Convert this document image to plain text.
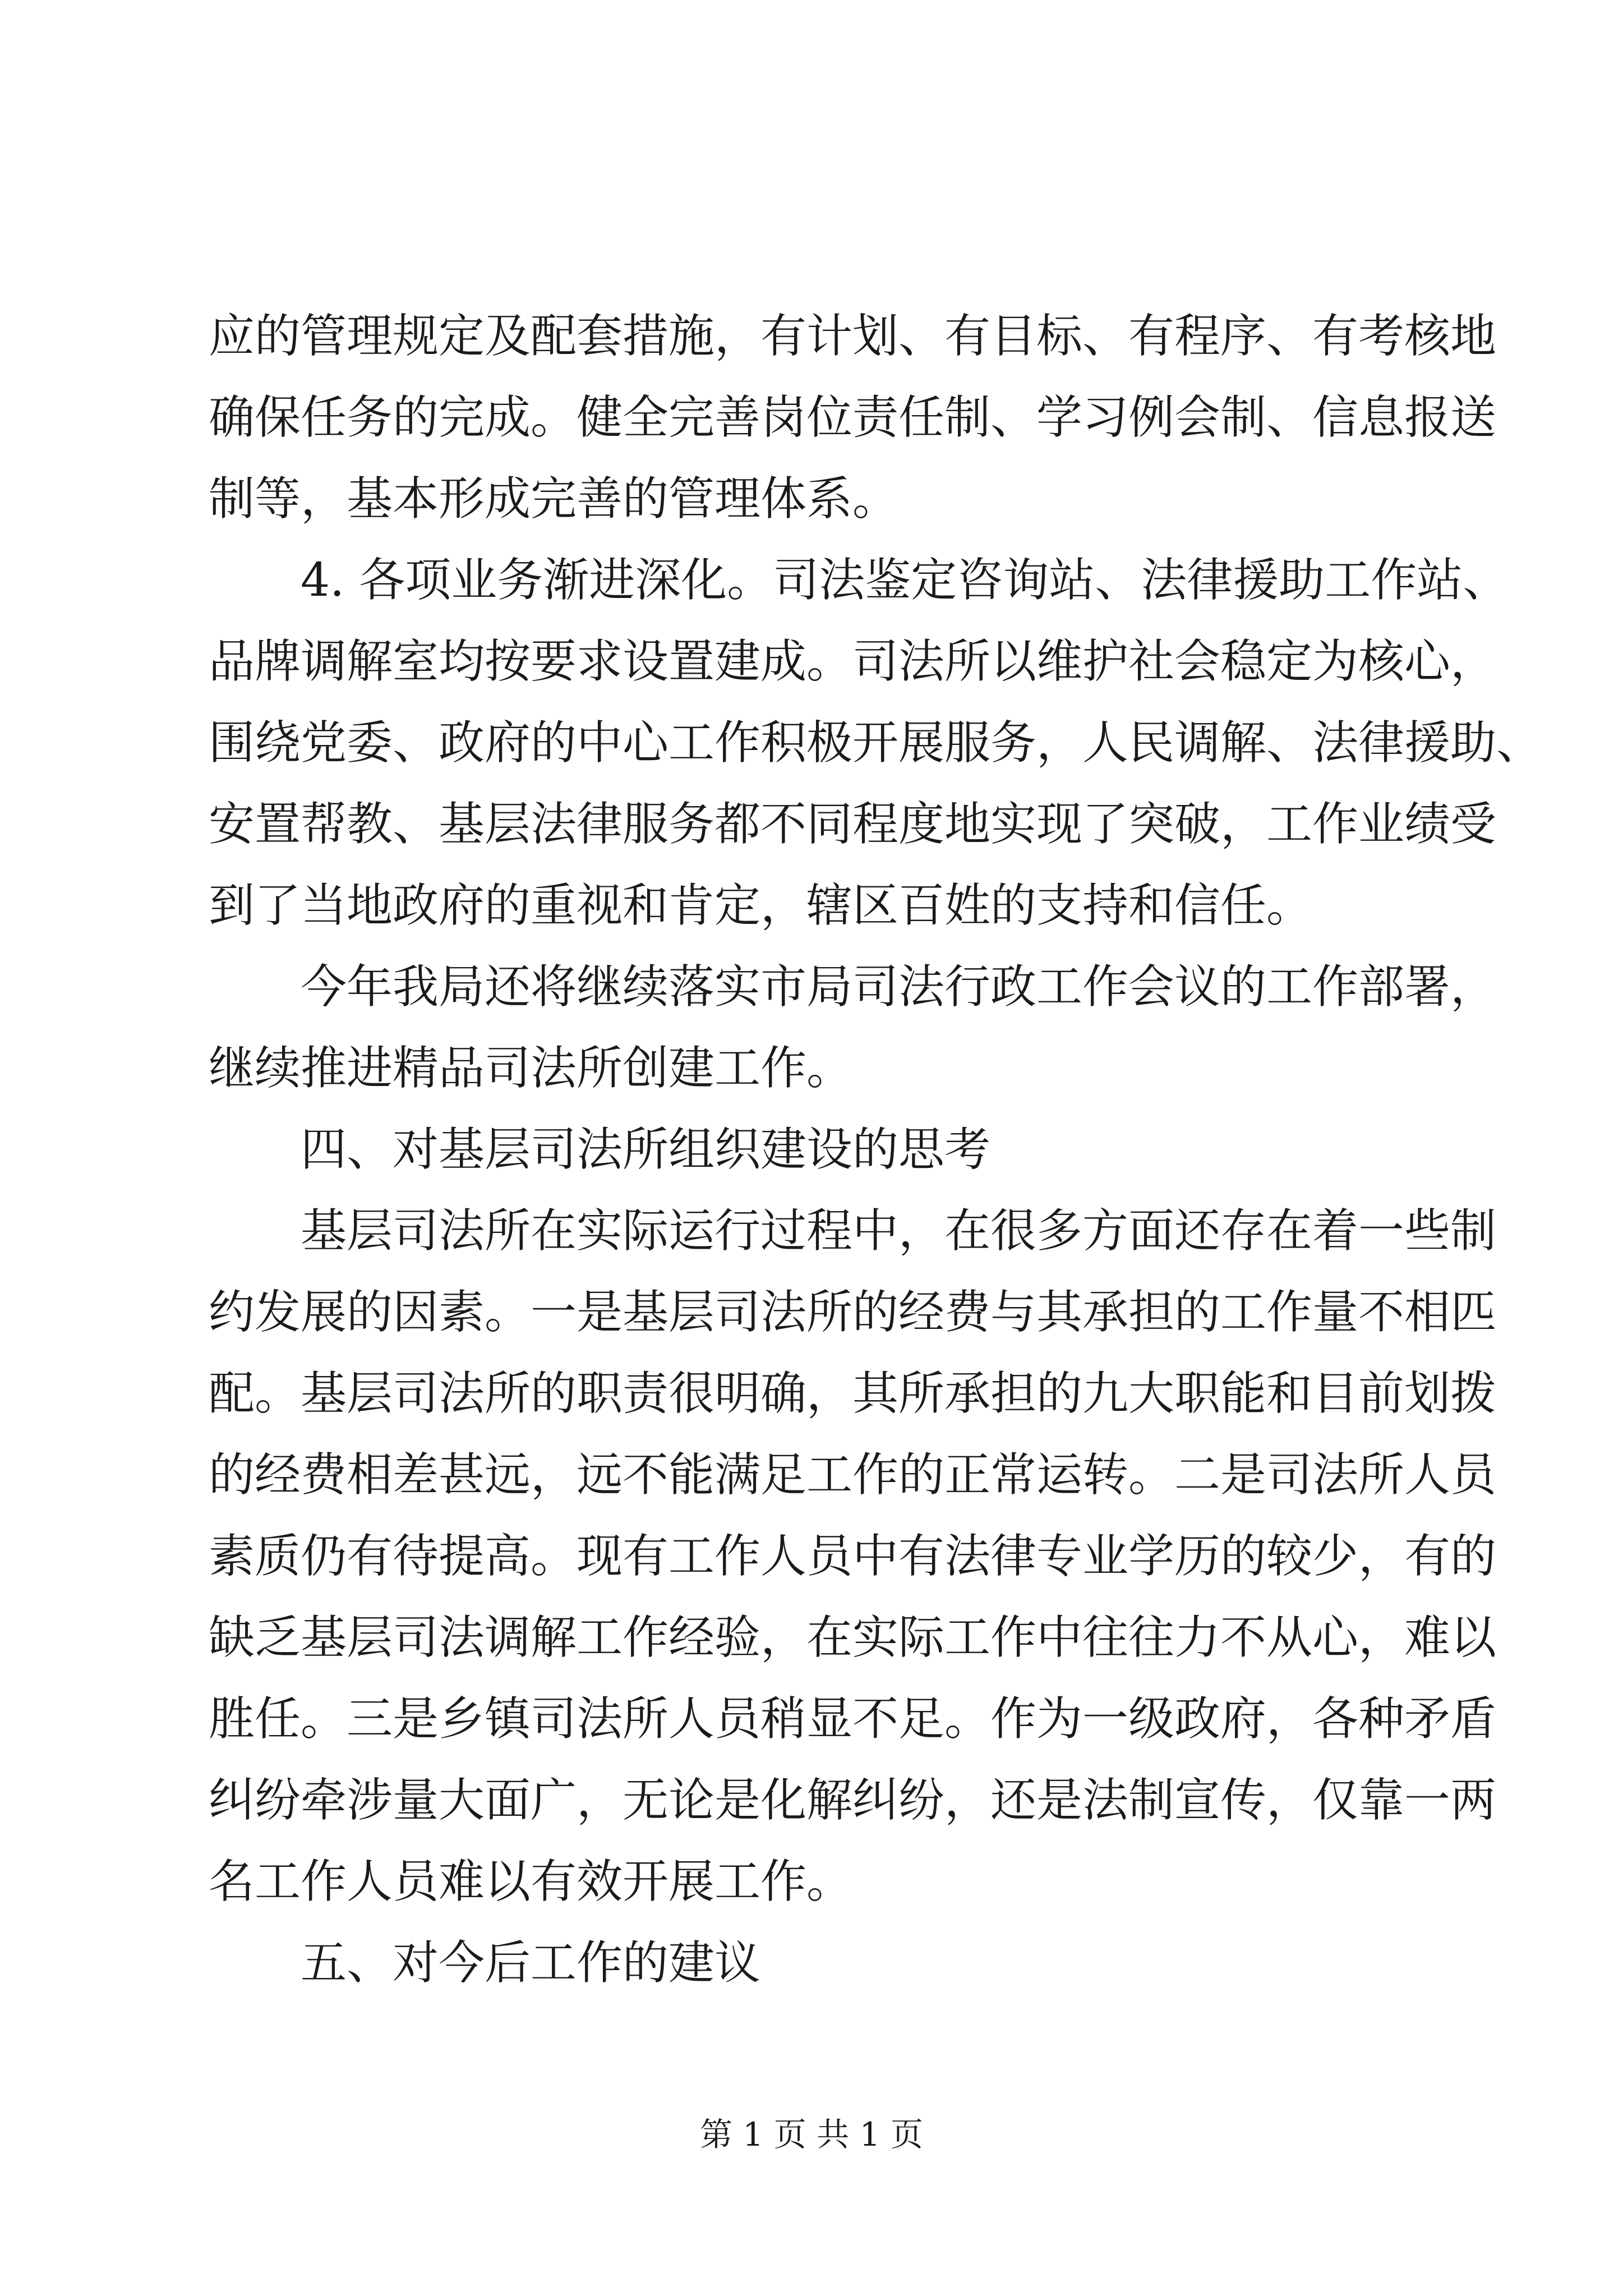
应的管理规定及配套措施，有计划、有目标、有程序、有考核地
确保任务的完成。健全完善岗位责任制、学习例会制、信息报送
制等，基本形成完善的管理体系。
4. 各项业务渐进深化。司法鉴定咨询站、法律援助工作站、
品牌调解室均按要求设置建成。司法所以维护社会稳定为核心，
围绕党委、政府的中心工作积极开展服务，人民调解、法律援助、
安置帮教、基层法律服务都不同程度地实现了突破，工作业绩受
到了当地政府的重视和肯定，辖区百姓的支持和信任。
今年我局还将继续落实市局司法行政工作会议的工作部署，
继续推进精品司法所创建工作。
四、对基层司法所组织建设的思考
基层司法所在实际运行过程中，在很多方面还存在着一些制
约发展的因素。一是基层司法所的经费与其承担的工作量不相匹
配。基层司法所的职责很明确，其所承担的九大职能和目前划拨
的经费相差甚远，远不能满足工作的正常运转。二是司法所人员
素质仍有待提高。现有工作人员中有法律专业学历的较少，有的
缺乏基层司法调解工作经验，在实际工作中往往力不从心，难以
胜任。三是乡镇司法所人员稍显不足。作为一级政府，各种矛盾
纠纷牵涉量大面广，无论是化解纠纷，还是法制宣传，仅靠一两
名工作人员难以有效开展工作。
五、对今后工作的建议
第 1 页 共 1 页
